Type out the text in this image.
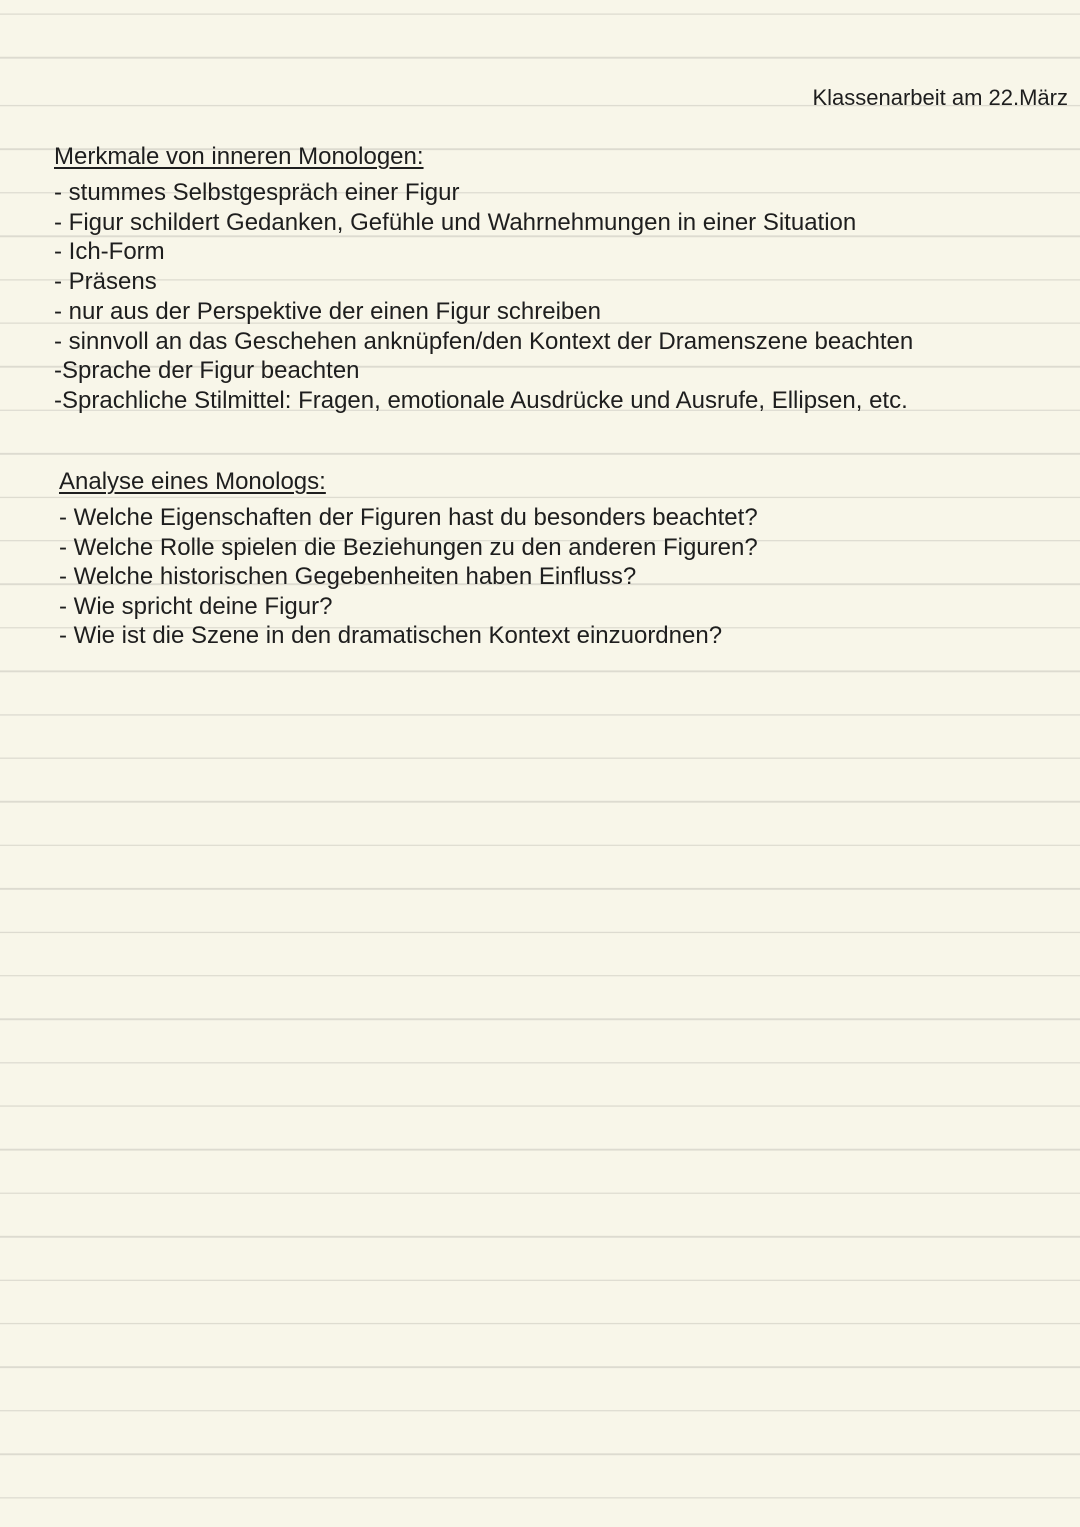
Klassenarbeit am 22.März

Merkmale von inneren Monologen:
- stummes Selbstgespräch einer Figur
- Figur schildert Gedanken, Gefühle und Wahrnehmungen in einer Situation
- Ich-Form
- Präsens
- nur aus der Perspektive der einen Figur schreiben
- sinnvoll an das Geschehen anknüpfen/den Kontext der Dramenszene beachten
-Sprache der Figur beachten
-Sprachliche Stilmittel: Fragen, emotionale Ausdrücke und Ausrufe, Ellipsen, etc.
Analyse eines Monologs:
- Welche Eigenschaften der Figuren hast du besonders beachtet?
- Welche Rolle spielen die Beziehungen zu den anderen Figuren?
- Welche historischen Gegebenheiten haben Einfluss?
- Wie spricht deine Figur?
- Wie ist die Szene in den dramatischen Kontext einzuordnen?
